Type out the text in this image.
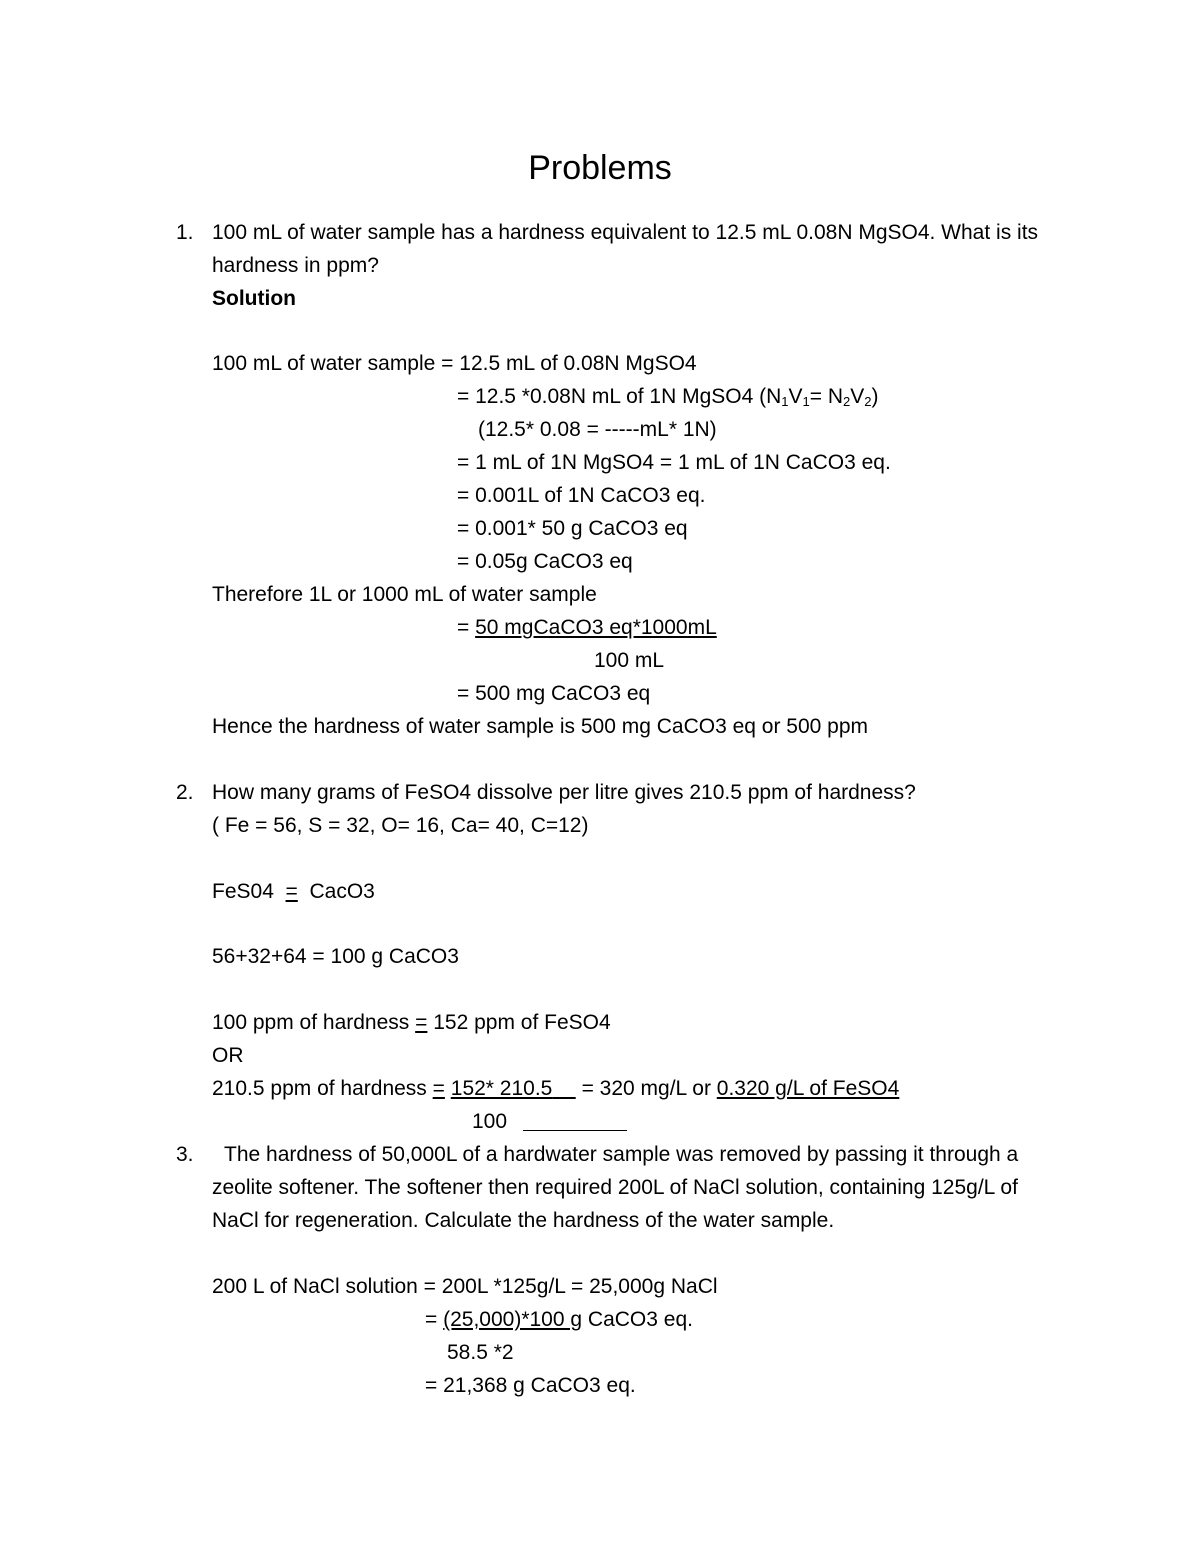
Problems
1. 100 mL of water sample has a hardness equivalent to 12.5 mL 0.08N MgSO4. What is its
hardness in ppm?
Solution
100 mL of water sample = 12.5 mL of 0.08N MgSO4
= 12.5 *0.08N mL of 1N MgSO4 $(N_1V_1= N_2V_2)$
(12.5* 0.08 = -----mL* 1N)
= 1 mL of 1N MgSO4 = 1 mL of 1N CaCO3 eq.
= 0.001L of 1N CaCO3 eq.
= 0.001* 50 g CaCO3 eq
= 0.05g CaCO3 eq
Therefore 1L or 1000 mL of water sample
= 50 mgCaCO3 eq*1000mL
100 mL
= 500 mg CaCO3 eq
Hence the hardness of water sample is 500 mg CaCO3 eq or 500 ppm
2. How many grams of FeSO4 dissolve per litre gives 210.5 ppm of hardness?
( Fe = 56, S = 32, O= 16, Ca= 40, C=12)
FeS04 = CacO3
56+32+64 = 100 g CaCO3
100 ppm of hardness = 152 ppm of FeSO4
OR
210.5 ppm of hardness = 152* 210.5 = 320 mg/L or 0.320 g/L of FeSO4
100
3. The hardness of 50,000L of a hardwater sample was removed by passing it through a
zeolite softener. The softener then required 200L of NaCl solution, containing 125g/L of
NaCl for regeneration. Calculate the hardness of the water sample.
200 L of NaCl solution = 200L *125g/L = 25,000g NaCl
= (25,000)*100 g CaCO3 eq.
58.5 *2
= 21,368 g CaCO3 eq.
